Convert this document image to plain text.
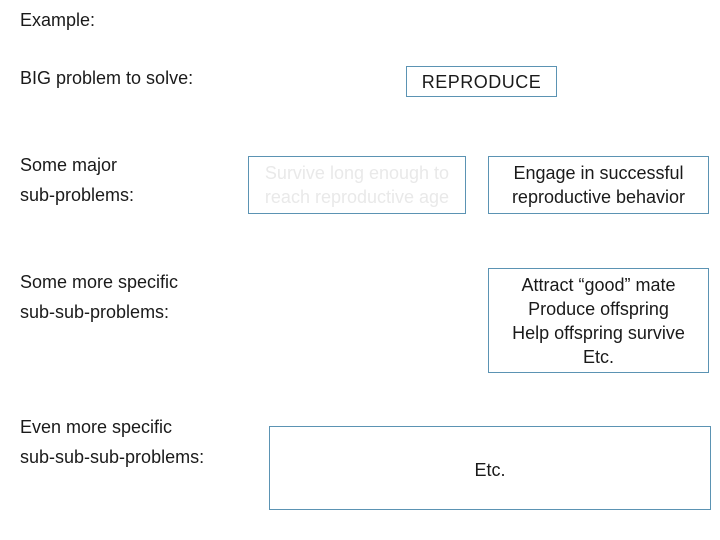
Example:
BIG problem to solve:
Some major
sub-problems:
Some more specific
sub-sub-problems:
Even more specific
sub-sub-sub-problems:
REPRODUCE
Survive long enough to
reach reproductive age
Engage in successful
reproductive behavior
Attract “good” mate
Produce offspring
Help offspring survive
Etc.
Etc.
